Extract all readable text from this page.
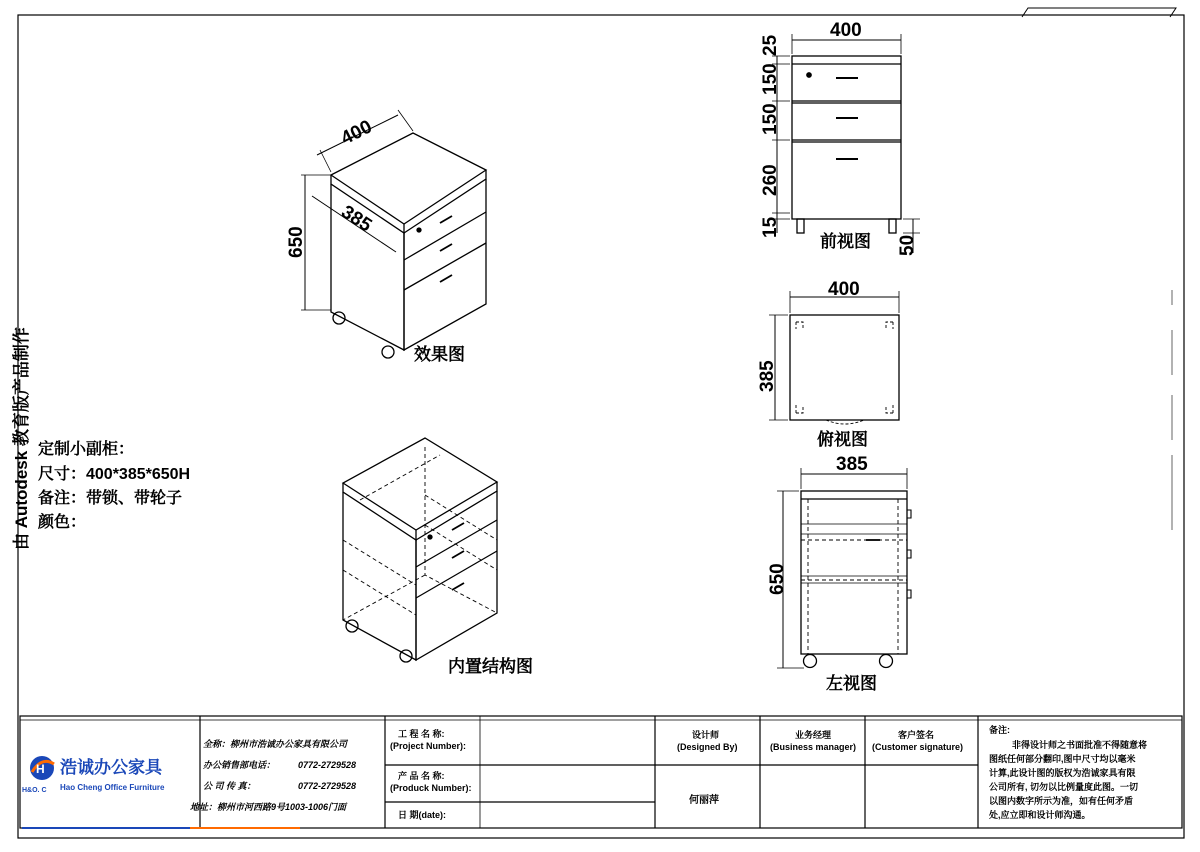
由 Autodesk 教育版产品制作 定制小副柜：
尺寸：400*385*650H
备注：带锁、带轮子
颜色：
400
385
650
效果图
内置结构图
400
25
150
150
260
15
50
前视图
400
385
俯视图
385
650
左视图
H 浩诚办公家具
H&O. C Hao Cheng Office Furniture
全称：柳州市浩诚办公家具有限公司
办公销售部电话：	0772-2729528
公 司 传 真：	0772-2729528
地址：柳州市河西路9号1003-1006门面
工 程 名 称:
(Project Number):
产 品 名 称:
(Produck Number):
日 期(date):
设计师
(Designed By)
何丽萍
业务经理
(Business manager)
客户签名
(Customer signature)
备注:
非得设计师之书面批准不得随意将
图纸任何部分翻印,图中尺寸均以毫米
计算,此设计图的版权为浩诚家具有限
公司所有, 切勿以比例量度此图。一切
以图内数字所示为准，如有任何矛盾
处,应立即和设计师沟通。
